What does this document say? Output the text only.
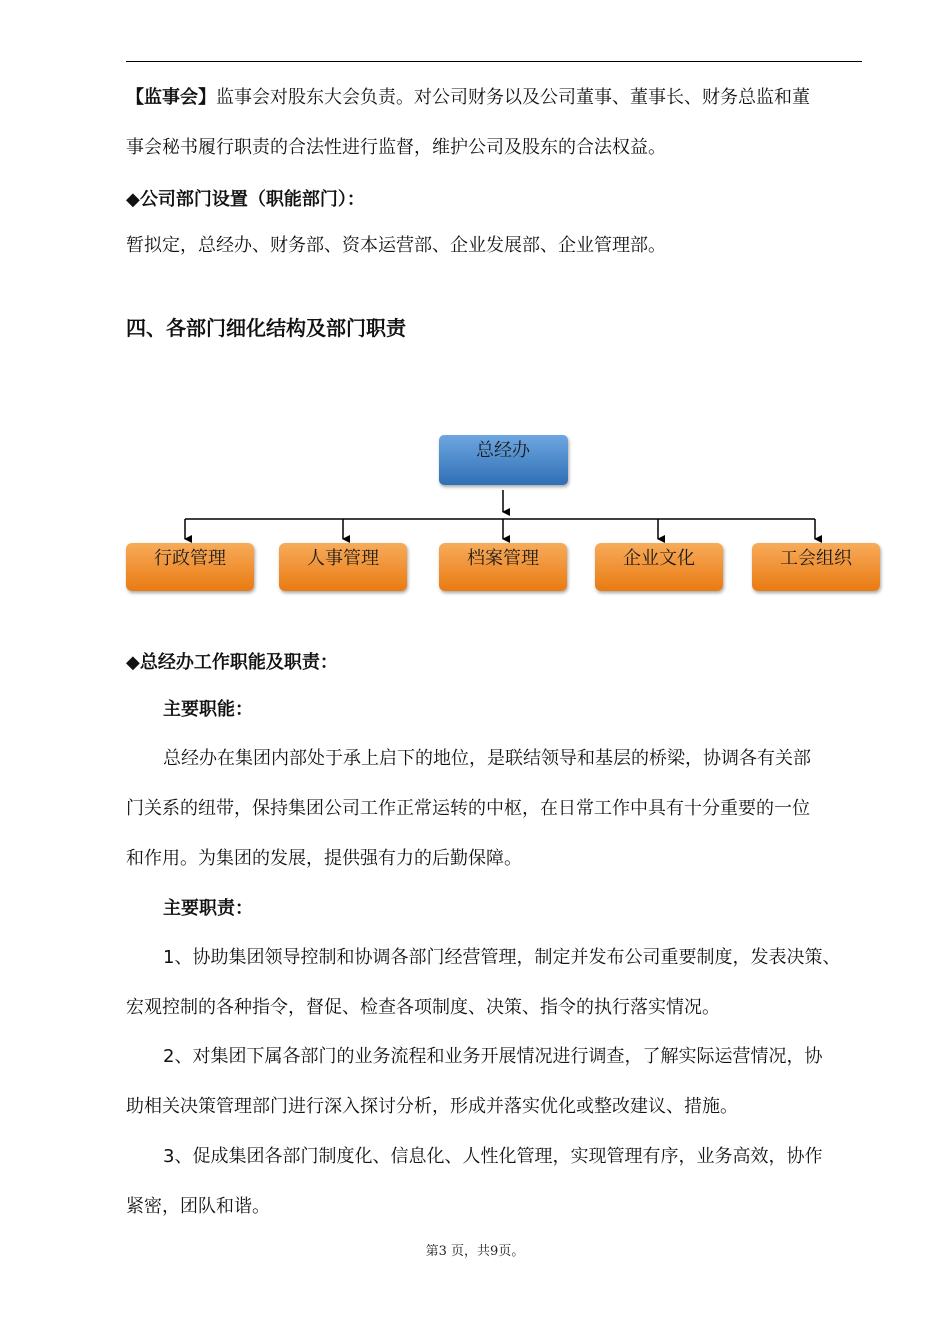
【监事会】监事会对股东大会负责。对公司财务以及公司董事、董事长、财务总监和董
事会秘书履行职责的合法性进行监督，维护公司及股东的合法权益。
◆公司部门设置（职能部门）：
暂拟定，总经办、财务部、资本运营部、企业发展部、企业管理部。
四、各部门细化结构及部门职责
总经办
行政管理	人事管理	档案管理	企业文化	工会组织
◆总经办工作职能及职责：
主要职能：
总经办在集团内部处于承上启下的地位，是联结领导和基层的桥梁，协调各有关部
门关系的纽带，保持集团公司工作正常运转的中枢，在日常工作中具有十分重要的一位
和作用。为集团的发展，提供强有力的后勤保障。
主要职责：
1、协助集团领导控制和协调各部门经营管理，制定并发布公司重要制度，发表决策、
宏观控制的各种指令，督促、检查各项制度、决策、指令的执行落实情况。
2、对集团下属各部门的业务流程和业务开展情况进行调查，了解实际运营情况，协
助相关决策管理部门进行深入探讨分析，形成并落实优化或整改建议、措施。
3、促成集团各部门制度化、信息化、人性化管理，实现管理有序，业务高效，协作
紧密，团队和谐。
第3 页，共9页。
